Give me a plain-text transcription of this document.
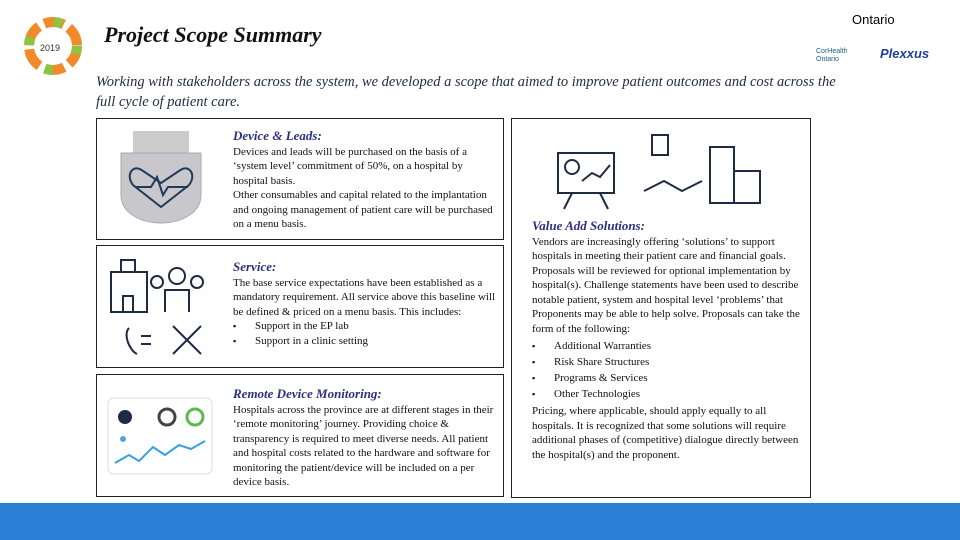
2019
Project Scope Summary
Ontario
CorHealth Ontario	Plexxus
Working with stakeholders across the system, we developed a scope that aimed to improve patient outcomes and cost across the full cycle of patient care.
Device & Leads:
Devices and leads will be purchased on the basis of a ‘system level’ commitment of 50%, on a hospital by hospital basis.
Other consumables and capital related to the implantation and ongoing management of patient care will be purchased on a menu basis.
Service:
The base service expectations have been established as a mandatory requirement. All service above this baseline will be defined & priced on a menu basis. This includes:
▪ Support in the EP lab
▪ Support in a clinic setting
Remote Device Monitoring:
Hospitals across the province are at different stages in their ‘remote monitoring’ journey. Providing choice & transparency is required to meet diverse needs. All patient and hospital costs related to the hardware and software for monitoring the patient/device will be included on a per device basis.
Value Add Solutions:
Vendors are increasingly offering ‘solutions’ to support hospitals in meeting their patient care and financial goals. Proposals will be reviewed for optional implementation by hospital(s). Challenge statements have been used to describe notable patient, system and hospital level ‘problems’ that Proponents may be able to help solve. Proposals can take the form of the following:
▪ Additional Warranties
▪ Risk Share Structures
▪ Programs & Services
▪ Other Technologies
Pricing, where applicable, should apply equally to all hospitals. It is recognized that some solutions will require additional phases of (competitive) dialogue directly between the hospital(s) and the proponent.
